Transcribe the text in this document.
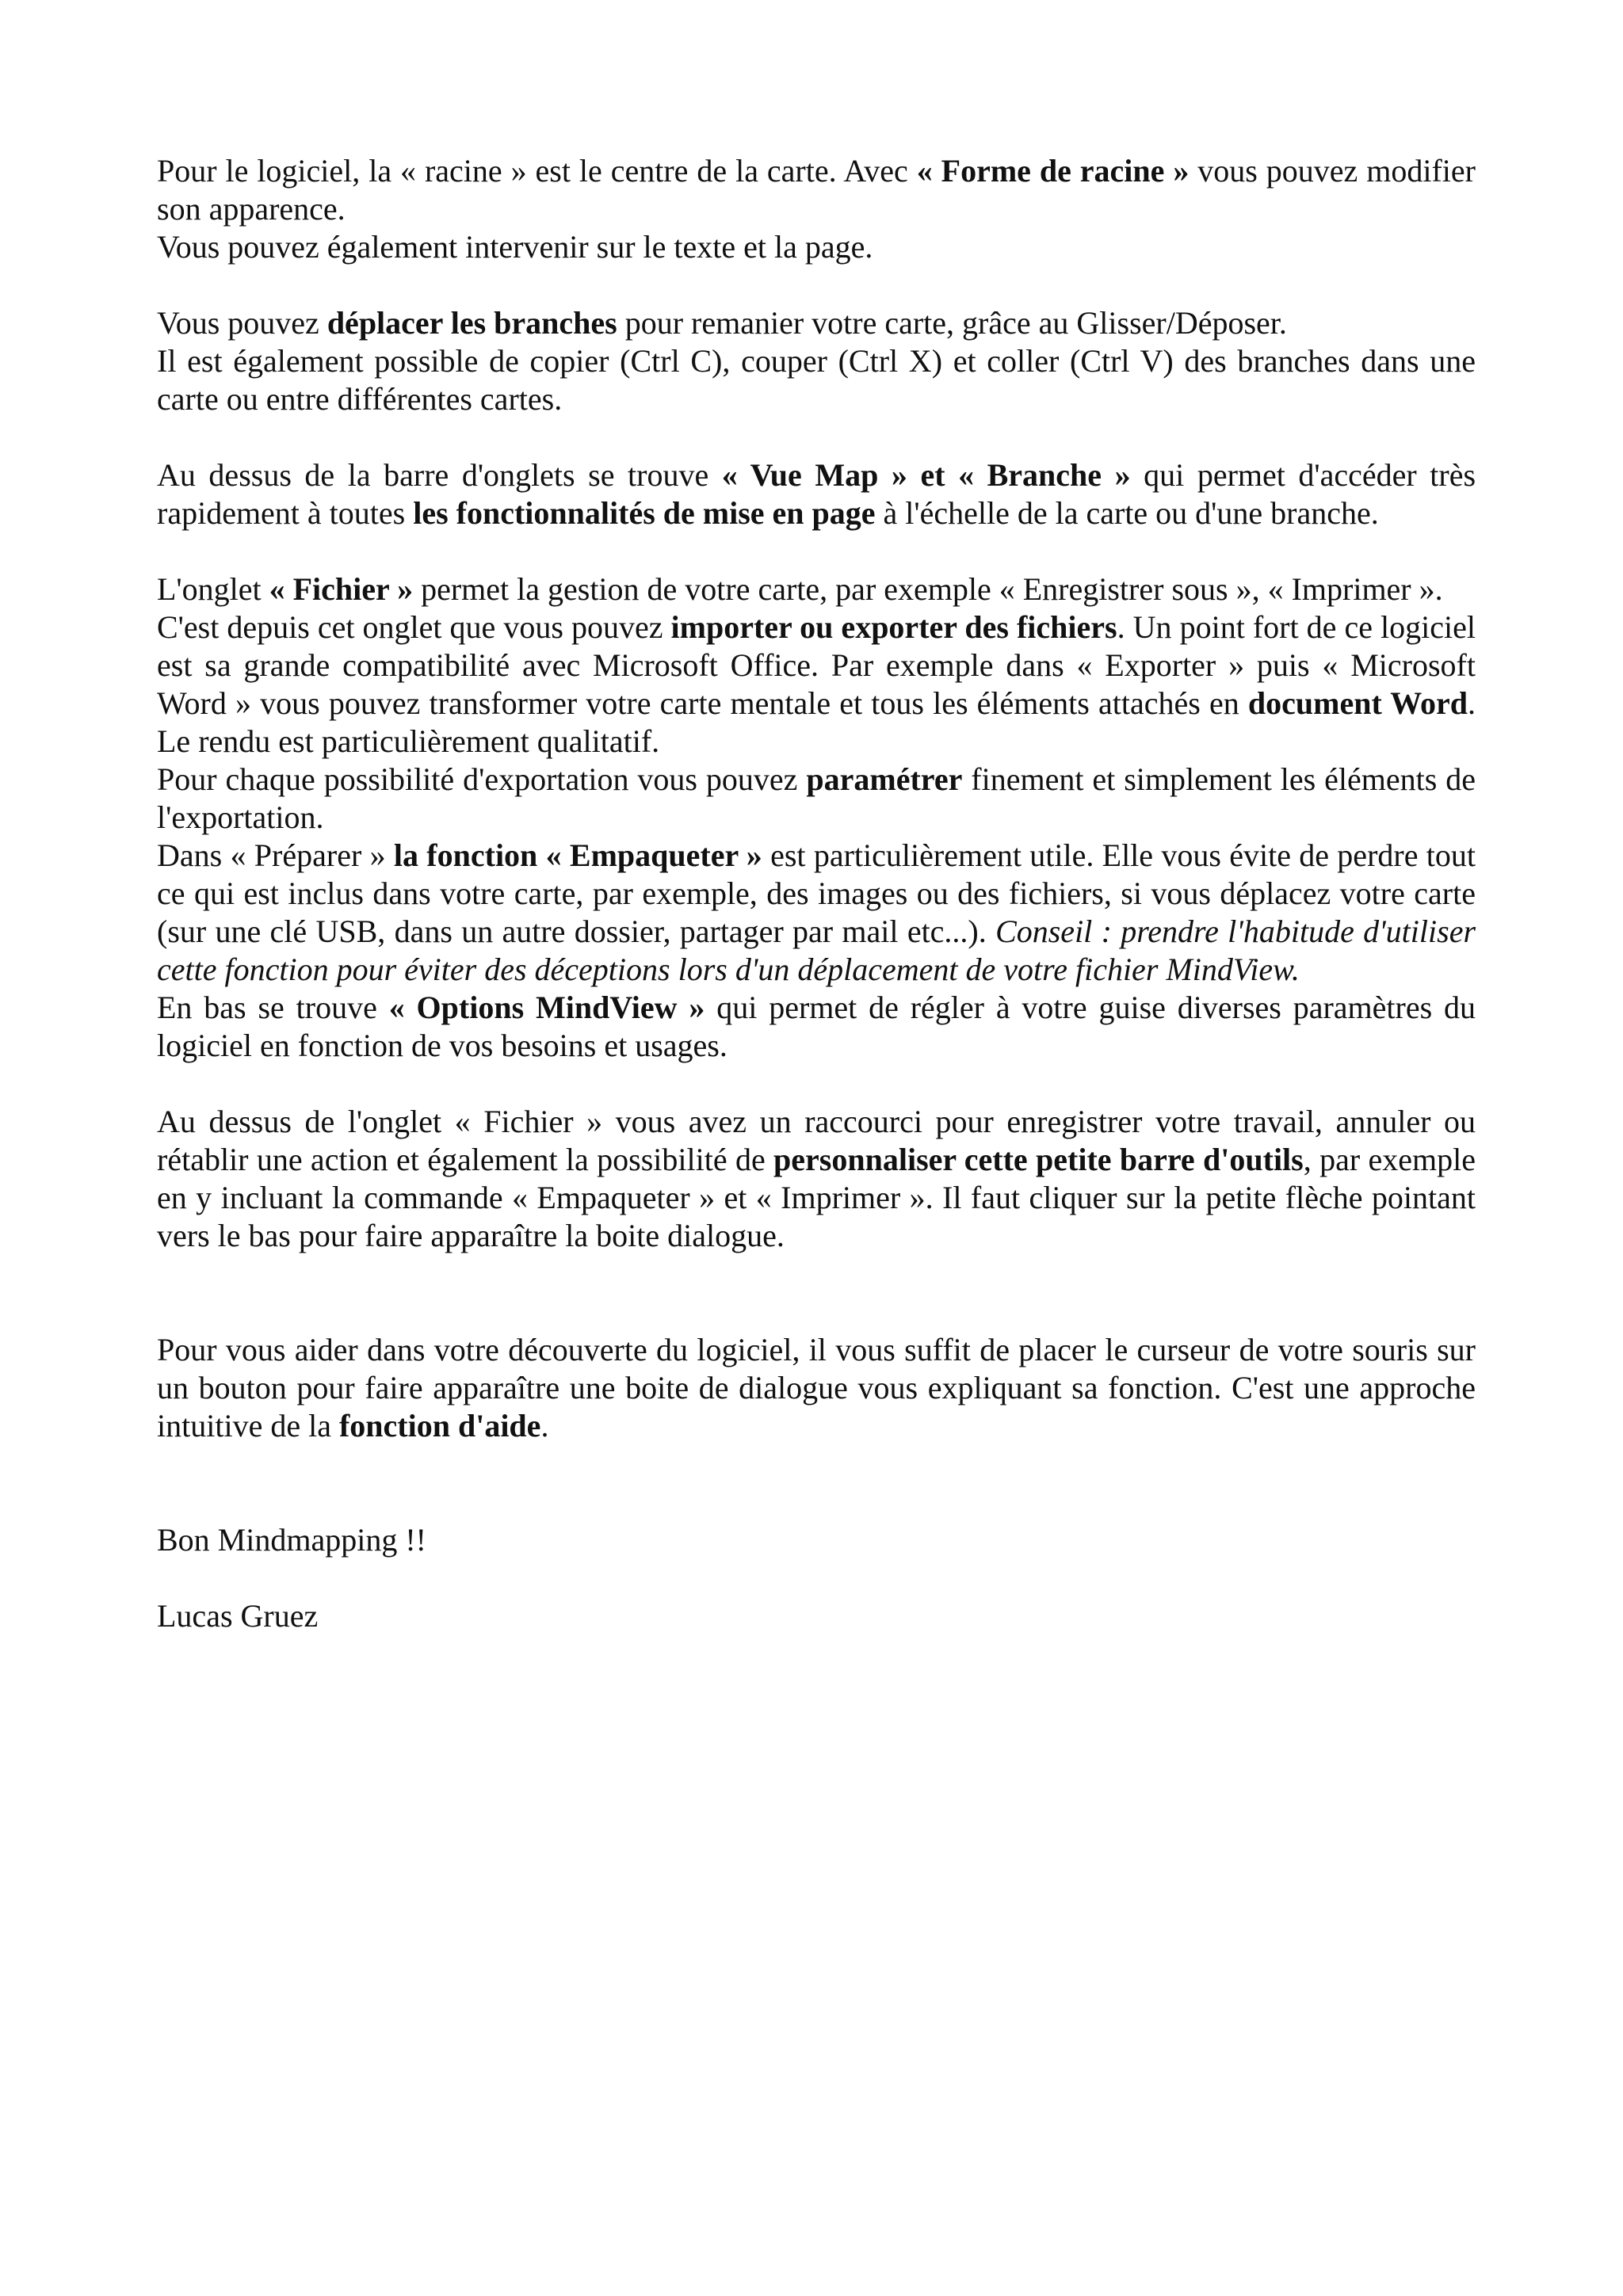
Pour le logiciel, la « racine » est le centre de la carte. Avec « Forme de racine » vous pouvez modifier son apparence.

Vous pouvez également intervenir sur le texte et la page.

Vous pouvez déplacer les branches pour remanier votre carte, grâce au Glisser/Déposer.

Il est également possible de copier (Ctrl C), couper (Ctrl X) et coller (Ctrl V) des branches dans une carte ou entre différentes cartes.

Au dessus de la barre d'onglets se trouve « Vue Map » et « Branche » qui permet d'accéder très rapidement à toutes les fonctionnalités de mise en page à l'échelle de la carte ou d'une branche.

L'onglet « Fichier » permet la gestion de votre carte, par exemple « Enregistrer sous », « Imprimer ».

C'est depuis cet onglet que vous pouvez importer ou exporter des fichiers. Un point fort de ce logiciel est sa grande compatibilité avec Microsoft Office. Par exemple dans « Exporter » puis « Microsoft Word » vous pouvez transformer votre carte mentale et tous les éléments attachés en document Word. Le rendu est particulièrement qualitatif.

Pour chaque possibilité d'exportation vous pouvez paramétrer finement et simplement les éléments de l'exportation.

Dans « Préparer » la fonction « Empaqueter » est particulièrement utile. Elle vous évite de perdre tout ce qui est inclus dans votre carte, par exemple, des images ou des fichiers, si vous déplacez votre carte (sur une clé USB, dans un autre dossier, partager par mail etc...). Conseil : prendre l'habitude d'utiliser cette fonction pour éviter des déceptions lors d'un déplacement de votre fichier MindView.

En bas se trouve « Options MindView » qui permet de régler à votre guise diverses paramètres du logiciel en fonction de vos besoins et usages.

Au dessus de l'onglet « Fichier » vous avez un raccourci pour enregistrer votre travail, annuler ou rétablir une action et également la possibilité de personnaliser cette petite barre d'outils, par exemple en y incluant la commande « Empaqueter » et « Imprimer ». Il faut cliquer sur la petite flèche pointant vers le bas pour faire apparaître la boite dialogue.

Pour vous aider dans votre découverte du logiciel, il vous suffit de placer le curseur de votre souris sur un bouton pour faire apparaître une boite de dialogue vous expliquant sa fonction. C'est une approche intuitive de la fonction d'aide.

Bon Mindmapping !!

Lucas Gruez
